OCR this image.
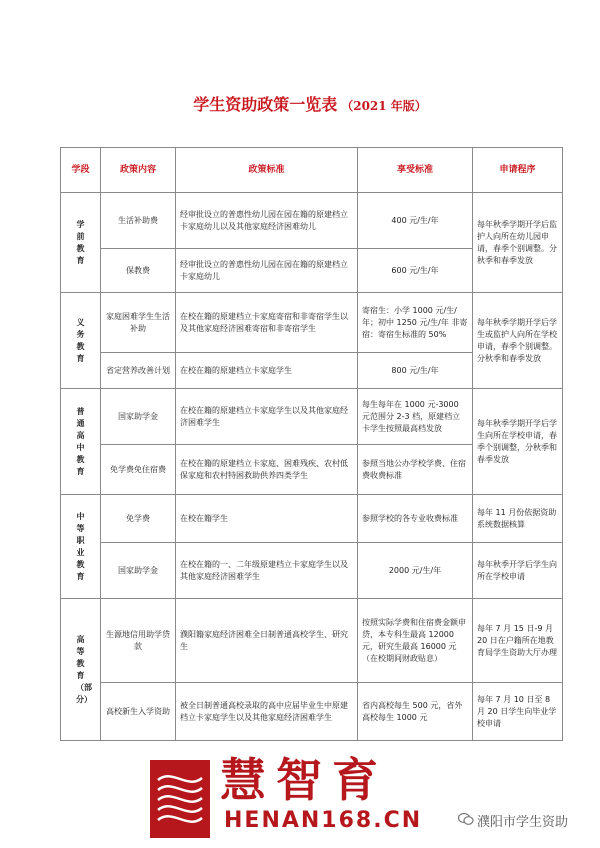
学生资助政策一览表 （2021 年版）
学段	政策内容	政策标准	享受标准	申请程序

学前教育	生活补助费	经审批设立的普惠性幼儿园在园在籍的原建档立卡家庭幼儿以及其他家庭经济困难幼儿	400 元/生/年	每年秋季学期开学后监护人向所在幼儿园申请，春季个别调整。分秋季和春季发放
	保教费	经审批设立的普惠性幼儿园在园在籍的原建档立卡家庭幼儿	600 元/生/年	

义务教育	家庭困难学生生活补助	在校在籍的原建档立卡家庭寄宿和非寄宿学生以及其他家庭经济困难寄宿和非寄宿学生	寄宿生：小学 1000 元/生/年；初中 1250 元/生/年 非寄宿：寄宿生标准的 50%	每年秋季学期开学后学生或监护人向所在学校申请，春季个别调整。分秋季和春季发放
	省定营养改善计划	在校在籍的原建档立卡家庭学生	800 元/生/年	

普通高中教育	国家助学金	在校在籍的原建档立卡家庭学生以及其他家庭经济困难学生	每生每年在 1000 元-3000 元范围分 2-3 档，原建档立卡学生按照最高档发放	每年秋季学期开学后学生向所在学校申请，春季个别调整，分秋季和春季发放
	免学费免住宿费	在校在籍的原建档立卡家庭、困难残疾、农村低保家庭和农村特困救助供养四类学生	参照当地公办学校学费、住宿费收费标准	

中等职业教育	免学费	在校在籍学生	参照学校的各专业收费标准	每年 11 月份依据资助系统数据核算
	国家助学金	在校在籍的一、二年级原建档立卡家庭学生以及其他家庭经济困难学生	2000 元/生/年	每年秋季开学后学生向所在学校申请

高等教育（部分）	生源地信用助学贷款	濮阳籍家庭经济困难全日制普通高校学生、研究生	按照实际学费和住宿费金额申贷，本专科生最高 12000 元，研究生最高 16000 元（在校期间财政贴息）	每年 7 月 15 日-9 月 20 日在户籍所在地教育局学生资助大厅办理
	高校新生入学资助	被全日制普通高校录取的高中应届毕业生中原建档立卡家庭学生以及其他家庭经济困难学生	省内高校每生 500 元，省外高校每生 1000 元	每年 7 月 10 日至 8 月 20 日学生向毕业学校申请
慧智育
HENAN168.CN	濮阳市学生资助
